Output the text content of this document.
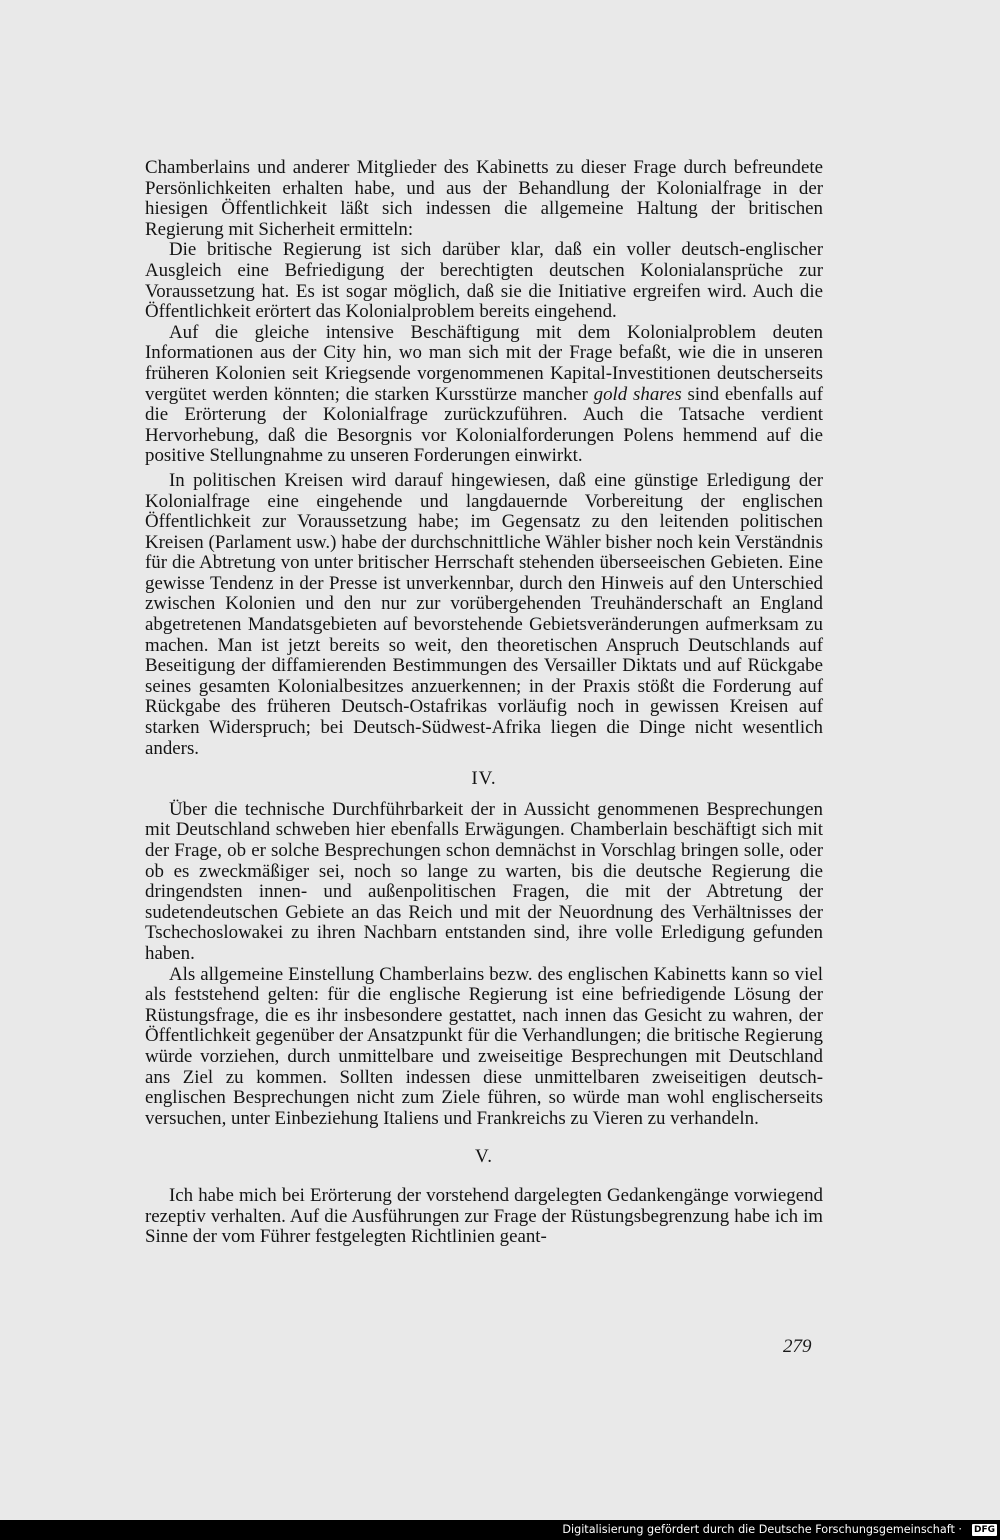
Chamberlains und anderer Mitglieder des Kabinetts zu dieser Frage durch befreundete Persönlichkeiten erhalten habe, und aus der Behandlung der Kolonialfrage in der hiesigen Öffentlichkeit läßt sich indessen die allgemeine Haltung der britischen Regierung mit Sicherheit ermitteln:

Die britische Regierung ist sich darüber klar, daß ein voller deutsch-englischer Ausgleich eine Befriedigung der berechtigten deutschen Kolonialansprüche zur Voraussetzung hat. Es ist sogar möglich, daß sie die Initiative ergreifen wird. Auch die Öffentlichkeit erörtert das Kolonialproblem bereits eingehend.

Auf die gleiche intensive Beschäftigung mit dem Kolonialproblem deuten Informationen aus der City hin, wo man sich mit der Frage befaßt, wie die in unseren früheren Kolonien seit Kriegsende vorgenommenen Kapital-Investitionen deutscherseits vergütet werden könnten; die starken Kursstürze mancher gold shares sind ebenfalls auf die Erörterung der Kolonialfrage zurückzuführen. Auch die Tatsache verdient Hervorhebung, daß die Besorgnis vor Kolonialforderungen Polens hemmend auf die positive Stellungnahme zu unseren Forderungen einwirkt.

In politischen Kreisen wird darauf hingewiesen, daß eine günstige Erledigung der Kolonialfrage eine eingehende und langdauernde Vorbereitung der englischen Öffentlichkeit zur Voraussetzung habe; im Gegensatz zu den leitenden politischen Kreisen (Parlament usw.) habe der durchschnittliche Wähler bisher noch kein Verständnis für die Abtretung von unter britischer Herrschaft stehenden überseeischen Gebieten. Eine gewisse Tendenz in der Presse ist unverkennbar, durch den Hinweis auf den Unterschied zwischen Kolonien und den nur zur vorübergehenden Treuhänderschaft an England abgetretenen Mandatsgebieten auf bevorstehende Gebietsveränderungen aufmerksam zu machen. Man ist jetzt bereits so weit, den theoretischen Anspruch Deutschlands auf Beseitigung der diffamierenden Bestimmungen des Versailler Diktats und auf Rückgabe seines gesamten Kolonialbesitzes anzuerkennen; in der Praxis stößt die Forderung auf Rückgabe des früheren Deutsch-Ostafrikas vorläufig noch in gewissen Kreisen auf starken Widerspruch; bei Deutsch-Südwest-Afrika liegen die Dinge nicht wesentlich anders.

IV.

Über die technische Durchführbarkeit der in Aussicht genommenen Besprechungen mit Deutschland schweben hier ebenfalls Erwägungen. Chamberlain beschäftigt sich mit der Frage, ob er solche Besprechungen schon demnächst in Vorschlag bringen solle, oder ob es zweckmäßiger sei, noch so lange zu warten, bis die deutsche Regierung die dringendsten innen- und außenpolitischen Fragen, die mit der Abtretung der sudetendeutschen Gebiete an das Reich und mit der Neuordnung des Verhältnisses der Tschechoslowakei zu ihren Nachbarn entstanden sind, ihre volle Erledigung gefunden haben.

Als allgemeine Einstellung Chamberlains bezw. des englischen Kabinetts kann so viel als feststehend gelten: für die englische Regierung ist eine befriedigende Lösung der Rüstungsfrage, die es ihr insbesondere gestattet, nach innen das Gesicht zu wahren, der Öffentlichkeit gegenüber der Ansatzpunkt für die Verhandlungen; die britische Regierung würde vorziehen, durch unmittelbare und zweiseitige Besprechungen mit Deutschland ans Ziel zu kommen. Sollten indessen diese unmittelbaren zweiseitigen deutsch-englischen Besprechungen nicht zum Ziele führen, so würde man wohl englischerseits versuchen, unter Einbeziehung Italiens und Frankreichs zu Vieren zu verhandeln.

V.

Ich habe mich bei Erörterung der vorstehend dargelegten Gedankengänge vorwiegend rezeptiv verhalten. Auf die Ausführungen zur Frage der Rüstungsbegrenzung habe ich im Sinne der vom Führer festgelegten Richtlinien geant-

279
Digitalisierung gefördert durch die Deutsche Forschungsgemeinschaft · DFG
